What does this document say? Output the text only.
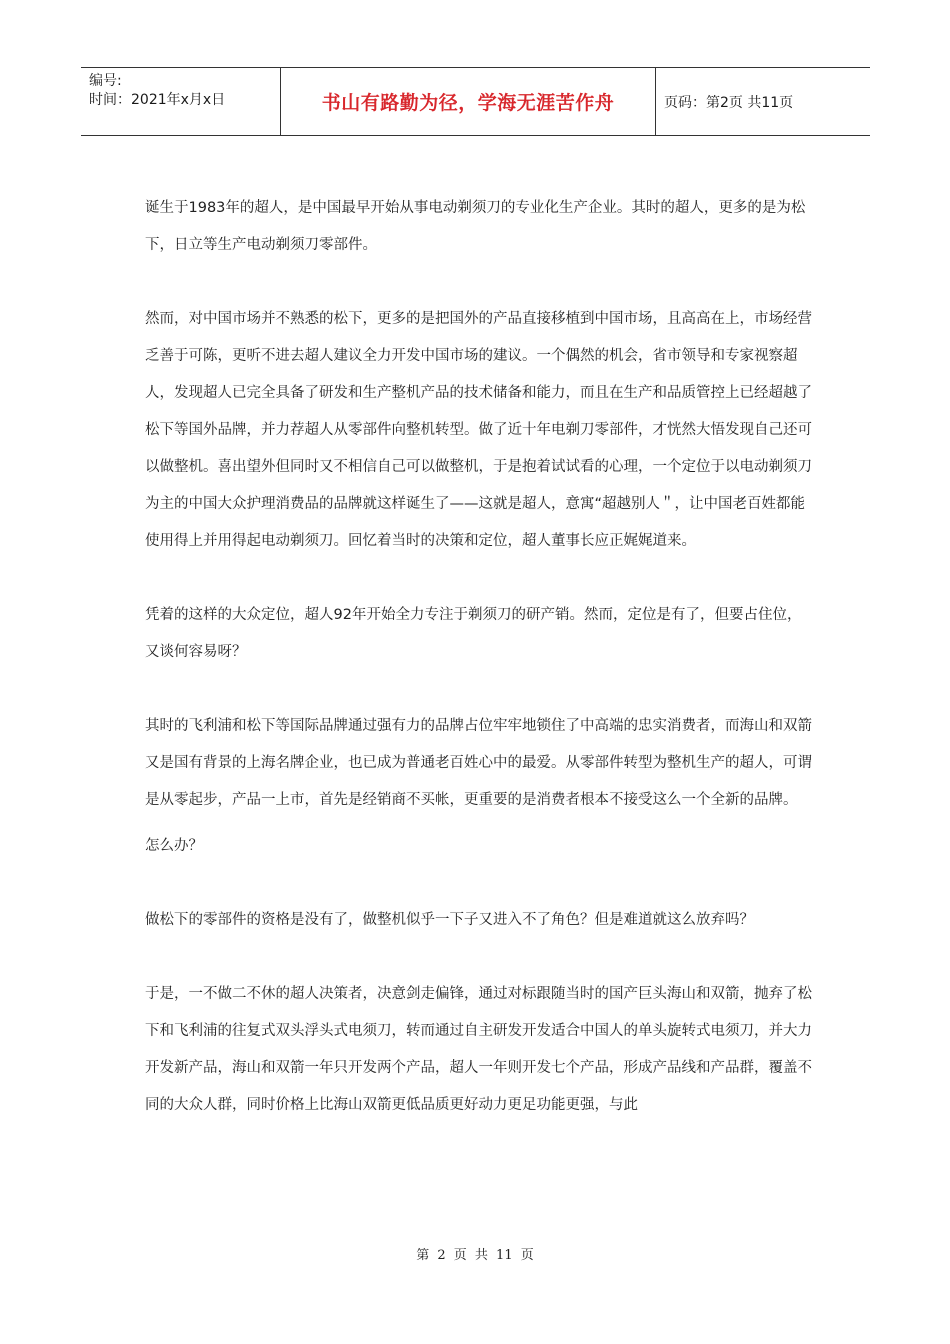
编号:
时间：2021年x月x日	书山有路勤为径，学海无涯苦作舟	页码：第2页 共11页

诞生于1983年的超人，是中国最早开始从事电动剃须刀的专业化生产企业。其时的超人，更多的是为松下，日立等生产电动剃须刀零部件。

然而，对中国市场并不熟悉的松下，更多的是把国外的产品直接移植到中国市场，且高高在上，市场经营乏善于可陈，更听不进去超人建议全力开发中国市场的建议。一个偶然的机会，省市领导和专家视察超人，发现超人已完全具备了研发和生产整机产品的技术储备和能力，而且在生产和品质管控上已经超越了松下等国外品牌，并力荐超人从零部件向整机转型。做了近十年电剃刀零部件，才恍然大悟发现自己还可以做整机。喜出望外但同时又不相信自己可以做整机，于是抱着试试看的心理，一个定位于以电动剃须刀为主的中国大众护理消费品的品牌就这样诞生了——这就是超人，意寓“超越别人＂，让中国老百姓都能使用得上并用得起电动剃须刀。回忆着当时的决策和定位，超人董事长应正娓娓道来。

凭着的这样的大众定位，超人92年开始全力专注于剃须刀的研产销。然而，定位是有了，但要占住位，又谈何容易呀？

其时的飞利浦和松下等国际品牌通过强有力的品牌占位牢牢地锁住了中高端的忠实消费者，而海山和双箭又是国有背景的上海名牌企业，也已成为普通老百姓心中的最爱。从零部件转型为整机生产的超人，可谓是从零起步，产品一上市，首先是经销商不买帐，更重要的是消费者根本不接受这么一个全新的品牌。

怎么办？

做松下的零部件的资格是没有了，做整机似乎一下子又进入不了角色？但是难道就这么放弃吗？

于是，一不做二不休的超人决策者，决意剑走偏锋，通过对标跟随当时的国产巨头海山和双箭，抛弃了松下和飞利浦的往复式双头浮头式电须刀，转而通过自主研发开发适合中国人的单头旋转式电须刀，并大力开发新产品，海山和双箭一年只开发两个产品，超人一年则开发七个产品，形成产品线和产品群，覆盖不同的大众人群，同时价格上比海山双箭更低品质更好动力更足功能更强，与此

第 2 页 共 11 页
